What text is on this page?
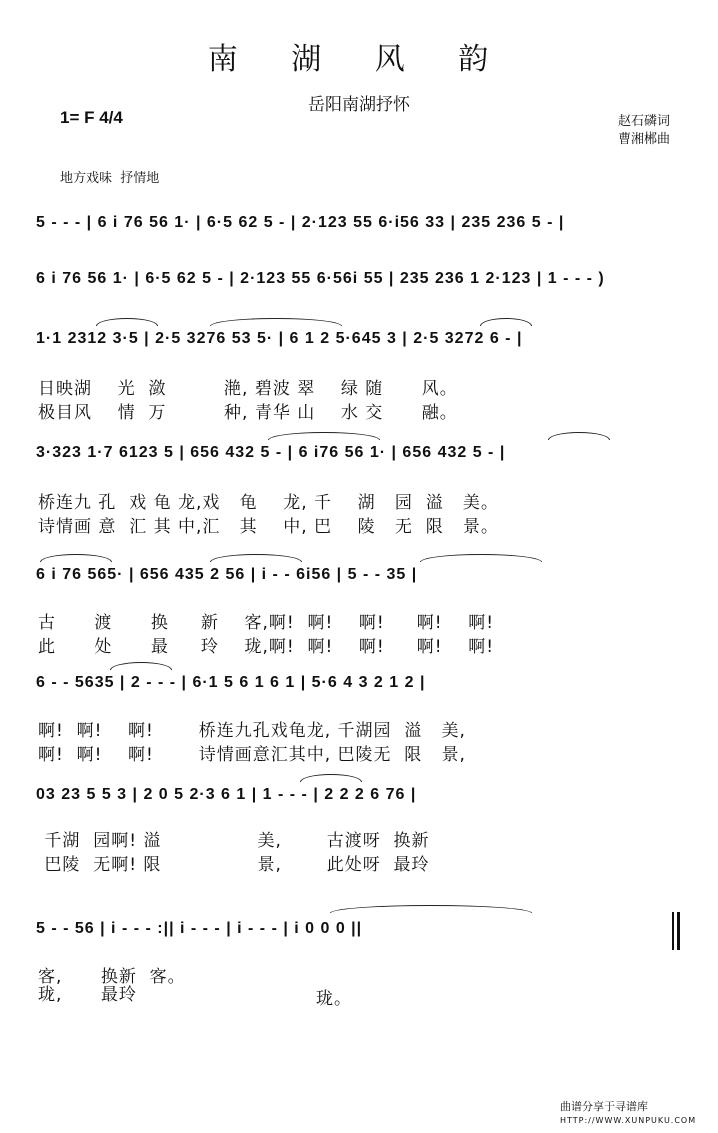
南 湖 风 韵
岳阳南湖抒怀
1= F 4/4	赵石磷词
曹湘郴曲
地方戏味  抒情地
5 - - - | 6 i 76 56 1· | 6·5 62 5 - | 2·123 55 6·i56 33 | 235 236 5 - |
6 i 76 56 1· | 6·5 62 5 - | 2·123 55 6·56i 55 | 235 236 1 2·123 | 1 - - - )
1·1 2312 3·5 | 2·5 3276 53 5· | 6 1 2 5·645 3 | 2·5 3272 6 - |
3·323 1·7 6123 5 | 656 432 5 - | 6 i76 56 1· | 656 432 5 - |
6 i 76 565· | 656 435 2 56 | i - - 6i56 | 5 - - 35 |
6 - - 5635 | 2 - - - | 6·1 5 6 1 6 1 | 5·6 4 3 2 1 2 |
03 23 5 5 3 | 2 0 5 2·3 6 1 | 1 - - - | 2 2 2 6 76 |
5 - - 56 | i - - - :|| i - - - | i - - - | i 0 0 0 ||
日映湖    光  潋         滟, 碧波 翠    绿 随      风。
极目风    情  万         种, 青华 山    水 交      融。
桥连九 孔  戏 龟 龙,戏   龟    龙, 千    湖   园  溢   美。
诗情画 意  汇 其 中,汇   其    中, 巴    陵   无  限   景。
古      渡      换     新    客,啊!  啊!    啊!     啊!    啊!
此      处      最     玲    珑,啊!  啊!    啊!     啊!    啊!
啊!  啊!    啊!       桥连九孔戏龟龙, 千湖园  溢   美,
啊!  啊!    啊!       诗情画意汇其中, 巴陵无  限   景,
千湖  园啊! 溢               美,       古渡呀  换新
巴陵  无啊! 限               景,       此处呀  最玲
客,      换新  客。
珑,      最玲	珑。
曲谱分享于寻谱库
HTTP://WWW.XUNPUKU.COM
